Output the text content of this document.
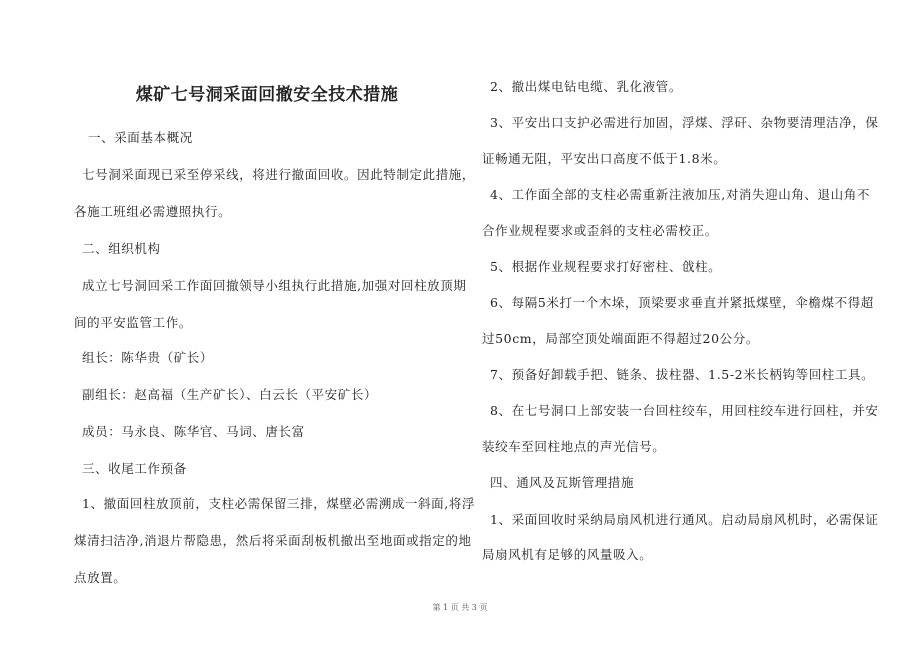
煤矿七号洞采面回撤安全技术措施
一、采面基本概况
七号洞采面现已采至停采线，将进行撤面回收。因此特制定此措施，
各施工班组必需遵照执行。
二、组织机构
成立七号洞回采工作面回撤领导小组执行此措施,加强对回柱放顶期
间的平安监管工作。
组长：陈华贵（矿长）
副组长：赵高福（生产矿长）、白云长（平安矿长）
成员：马永良、陈华官、马词、唐长富
三、收尾工作预备
1、撤面回柱放顶前，支柱必需保留三排，煤壁必需溯成一斜面,将浮
煤清扫洁净,消退片帮隐患，然后将采面刮板机撤出至地面或指定的地
点放置。
2、撤出煤电钻电缆、乳化液管。
3、平安出口支护必需进行加固，浮煤、浮矸、杂物要清理洁净，保
证畅通无阻，平安出口高度不低于1.8米。
4、工作面全部的支柱必需重新注液加压,对消失迎山角、退山角不
合作业规程要求或歪斜的支柱必需校正。
5、根据作业规程要求打好密柱、戗柱。
6、每隔5米打一个木垛，顶梁要求垂直并紧抵煤壁，伞檐煤不得超
过50cm，局部空顶处端面距不得超过20公分。
7、预备好卸载手把、链条、拔柱器、1.5-2米长柄钩等回柱工具。
8、在七号洞口上部安装一台回柱绞车，用回柱绞车进行回柱，并安
装绞车至回柱地点的声光信号。
四、通风及瓦斯管理措施
1、采面回收时采纳局扇风机进行通风。启动局扇风机时，必需保证
局扇风机有足够的风量吸入。
第 1 页 共 3 页
